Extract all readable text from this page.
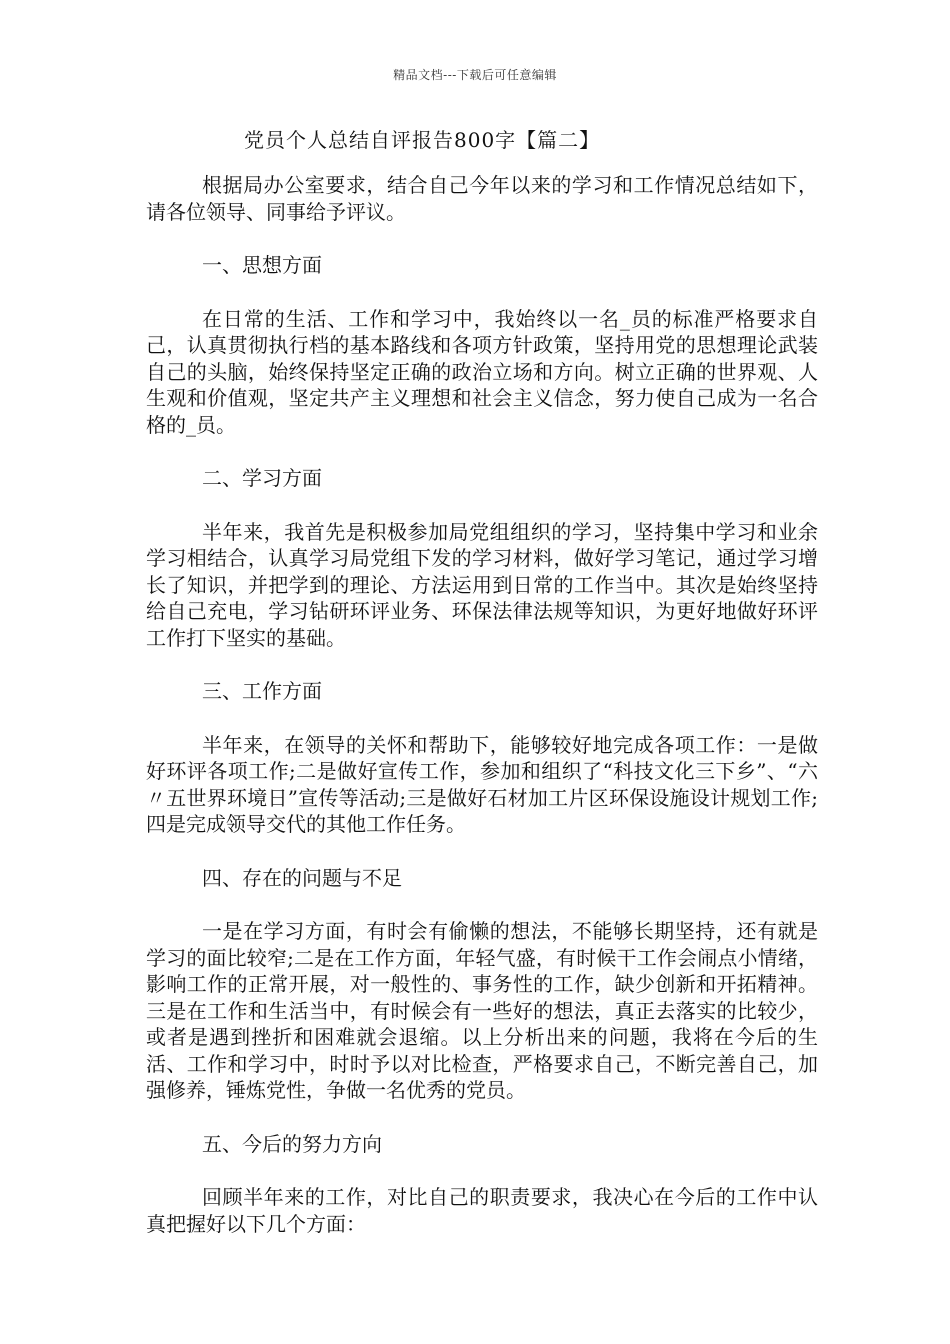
精品文档---下载后可任意编辑
党员个人总结自评报告800字【篇二】

根据局办公室要求，结合自己今年以来的学习和工作情况总结如下，请各位领导、同事给予评议。

一、思想方面

在日常的生活、工作和学习中，我始终以一名_员的标准严格要求自己，认真贯彻执行档的基本路线和各项方针政策，坚持用党的思想理论武装自己的头脑，始终保持坚定正确的政治立场和方向。树立正确的世界观、人生观和价值观，坚定共产主义理想和社会主义信念，努力使自己成为一名合格的_员。

二、学习方面

半年来，我首先是积极参加局党组组织的学习，坚持集中学习和业余学习相结合，认真学习局党组下发的学习材料，做好学习笔记，通过学习增长了知识，并把学到的理论、方法运用到日常的工作当中。其次是始终坚持给自己充电，学习钻研环评业务、环保法律法规等知识，为更好地做好环评工作打下坚实的基础。

三、工作方面

半年来，在领导的关怀和帮助下，能够较好地完成各项工作：一是做好环评各项工作;二是做好宣传工作，参加和组织了“科技文化三下乡”、“六〃五世界环境日”宣传等活动;三是做好石材加工片区环保设施设计规划工作;四是完成领导交代的其他工作任务。

四、存在的问题与不足

一是在学习方面，有时会有偷懒的想法，不能够长期坚持，还有就是学习的面比较窄;二是在工作方面，年轻气盛，有时候干工作会闹点小情绪，影响工作的正常开展，对一般性的、事务性的工作，缺少创新和开拓精神。三是在工作和生活当中，有时候会有一些好的想法，真正去落实的比较少，或者是遇到挫折和困难就会退缩。以上分析出来的问题，我将在今后的生活、工作和学习中，时时予以对比检查，严格要求自己，不断完善自己，加强修养，锤炼党性，争做一名优秀的党员。

五、今后的努力方向

回顾半年来的工作，对比自己的职责要求，我决心在今后的工作中认真把握好以下几个方面：
